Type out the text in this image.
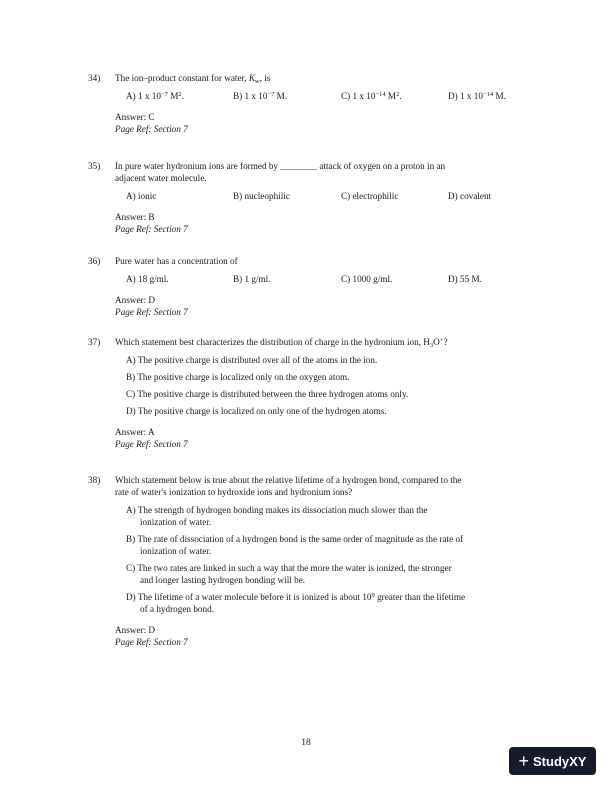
34) The ion–product constant for water, $K_w$, is
A) 1 x $10^{-7}$ $M^2$.	B) 1 x $10^{-7}$ M.	C) 1 x $10^{-14}$ $M^2$.	D) 1 x $10^{-14}$ M.
Answer: C
Page Ref: Section 7
35) In pure water hydronium ions are formed by ________ attack of oxygen on a proton in an
adjacent water molecule.
A) ionic	B) nucleophilic	C) electrophilic	D) covalent
Answer: B
Page Ref: Section 7
36) Pure water has a concentration of
A) 18 g/ml.	B) 1 g/ml.	C) 1000 g/ml.	D) 55 M.
Answer: D
Page Ref: Section 7
37) Which statement best characterizes the distribution of charge in the hydronium ion, $H_3O^+$?
A) The positive charge is distributed over all of the atoms in the ion.
B) The positive charge is localized only on the oxygen atom.
C) The positive charge is distributed between the three hydrogen atoms only.
D) The positive charge is localized on only one of the hydrogen atoms.
Answer: A
Page Ref: Section 7
38) Which statement below is true about the relative lifetime of a hydrogen bond, compared to the
rate of water's ionization to hydroxide ions and hydronium ions?
A) The strength of hydrogen bonding makes its dissociation much slower than the
ionization of water.
B) The rate of dissociation of a hydrogen bond is the same order of magnitude as the rate of
ionization of water.
C) The two rates are linked in such a way that the more the water is ionized, the stronger
and longer lasting hydrogen bonding will be.
D) The lifetime of a water molecule before it is ionized is about $10^9$ greater than the lifetime
of a hydrogen bond.
Answer: D
Page Ref: Section 7
18
+ StudyXY
